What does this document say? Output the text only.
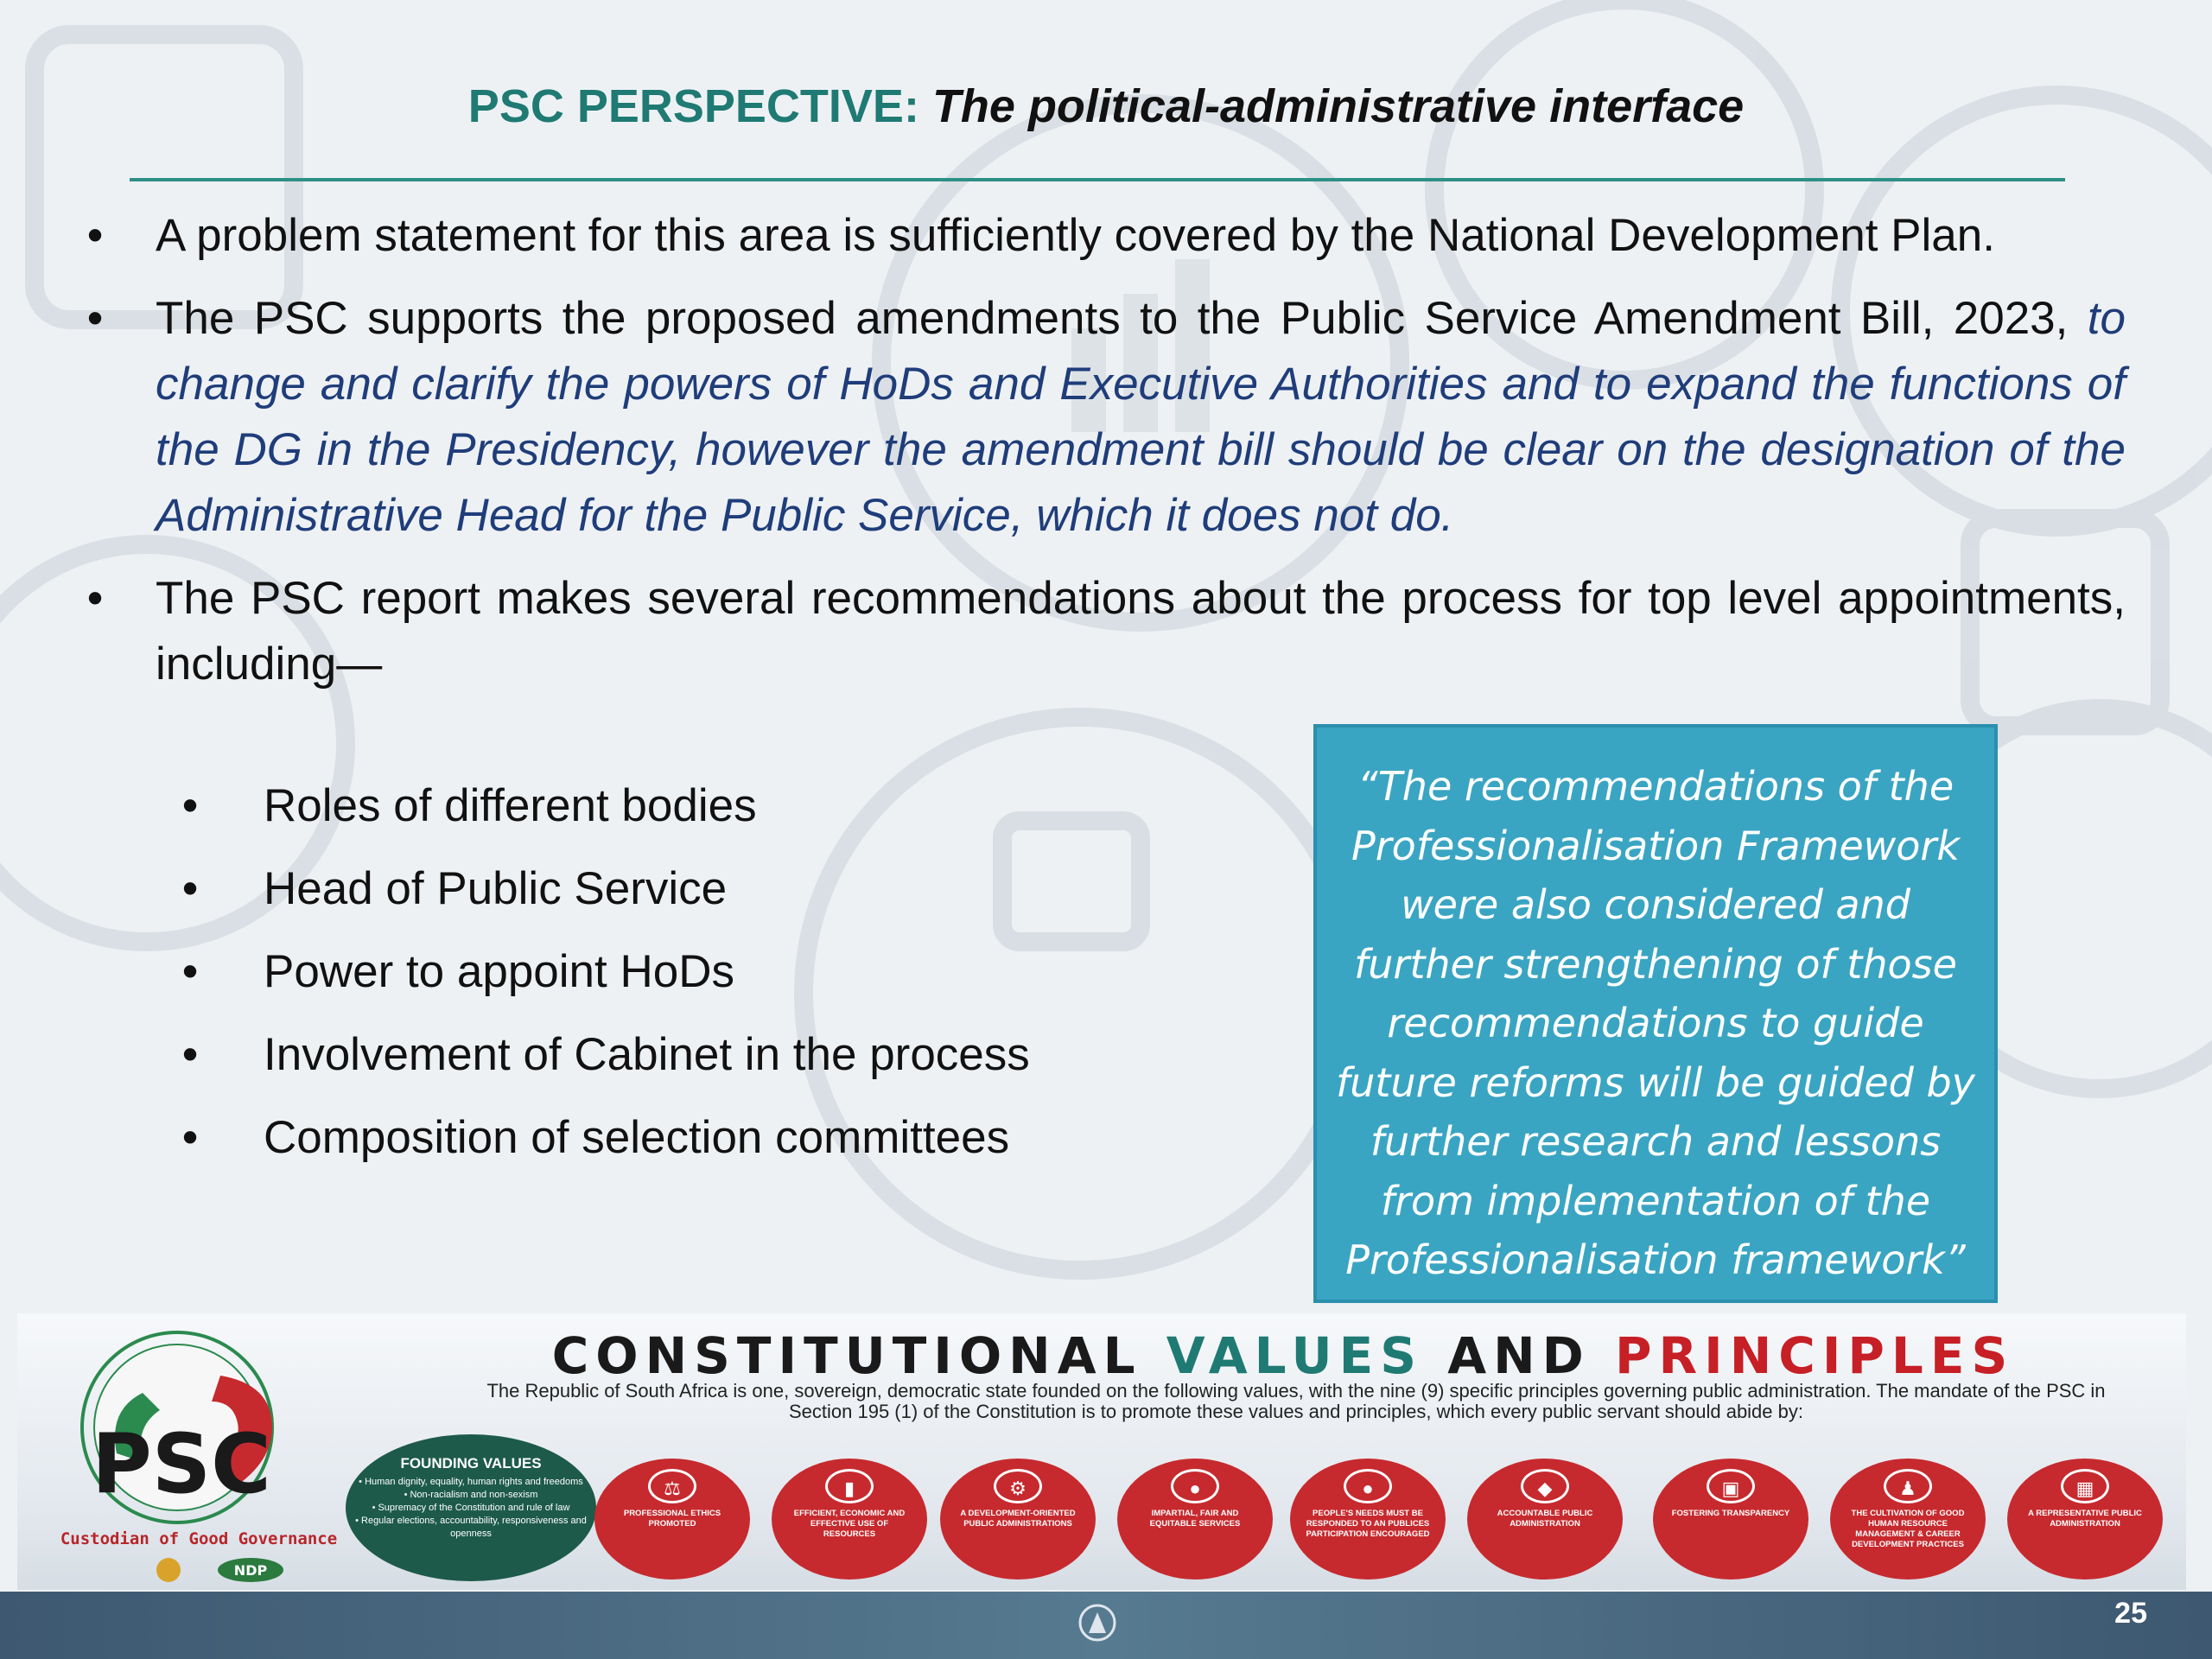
PSC PERSPECTIVE: The political-administrative interface
•	A problem statement for this area is sufficiently covered by the National Development Plan.
•	The PSC supports the proposed amendments to the Public Service Amendment Bill, 2023, to change and clarify the powers of HoDs and Executive Authorities and to expand the functions of the DG in the Presidency, however the amendment bill should be clear on the designation of the Administrative Head for the Public Service, which it does not do.
•	The PSC report makes several recommendations about the process for top level appointments, including—
• Roles of different bodies
• Head of Public Service
• Power to appoint HoDs
• Involvement of Cabinet in the process
• Composition of selection committees
“The recommendations of the Professionalisation Framework were also considered and further strengthening of those recommendations to guide future reforms will be guided by further research and lessons from implementation of the Professionalisation framework”
PSC
Custodian of Good Governance
NDP
CONSTITUTIONAL VALUES AND PRINCIPLES
The Republic of South Africa is one, sovereign, democratic state founded on the following values, with the nine (9) specific principles governing public administration. The mandate of the PSC in Section 195 (1) of the Constitution is to promote these values and principles, which every public servant should abide by:
FOUNDING VALUES
• Human dignity, equality, human rights and freedoms
• Non-racialism and non-sexism
• Supremacy of the Constitution and rule of law
• Regular elections, accountability, responsiveness and openness
⚖
PROFESSIONAL ETHICS PROMOTED
▮
EFFICIENT, ECONOMIC AND EFFECTIVE USE OF RESOURCES
⚙
A DEVELOPMENT-ORIENTED PUBLIC ADMINISTRATIONS
●
IMPARTIAL, FAIR AND EQUITABLE SERVICES
●
PEOPLE'S NEEDS MUST BE RESPONDED TO AN PUBLICES PARTICIPATION ENCOURAGED
◆
ACCOUNTABLE PUBLIC ADMINISTRATION
▣
FOSTERING TRANSPARENCY
♟
THE CULTIVATION OF GOOD HUMAN RESOURCE MANAGEMENT & CAREER DEVELOPMENT PRACTICES
▦
A REPRESENTATIVE PUBLIC ADMINISTRATION
25
